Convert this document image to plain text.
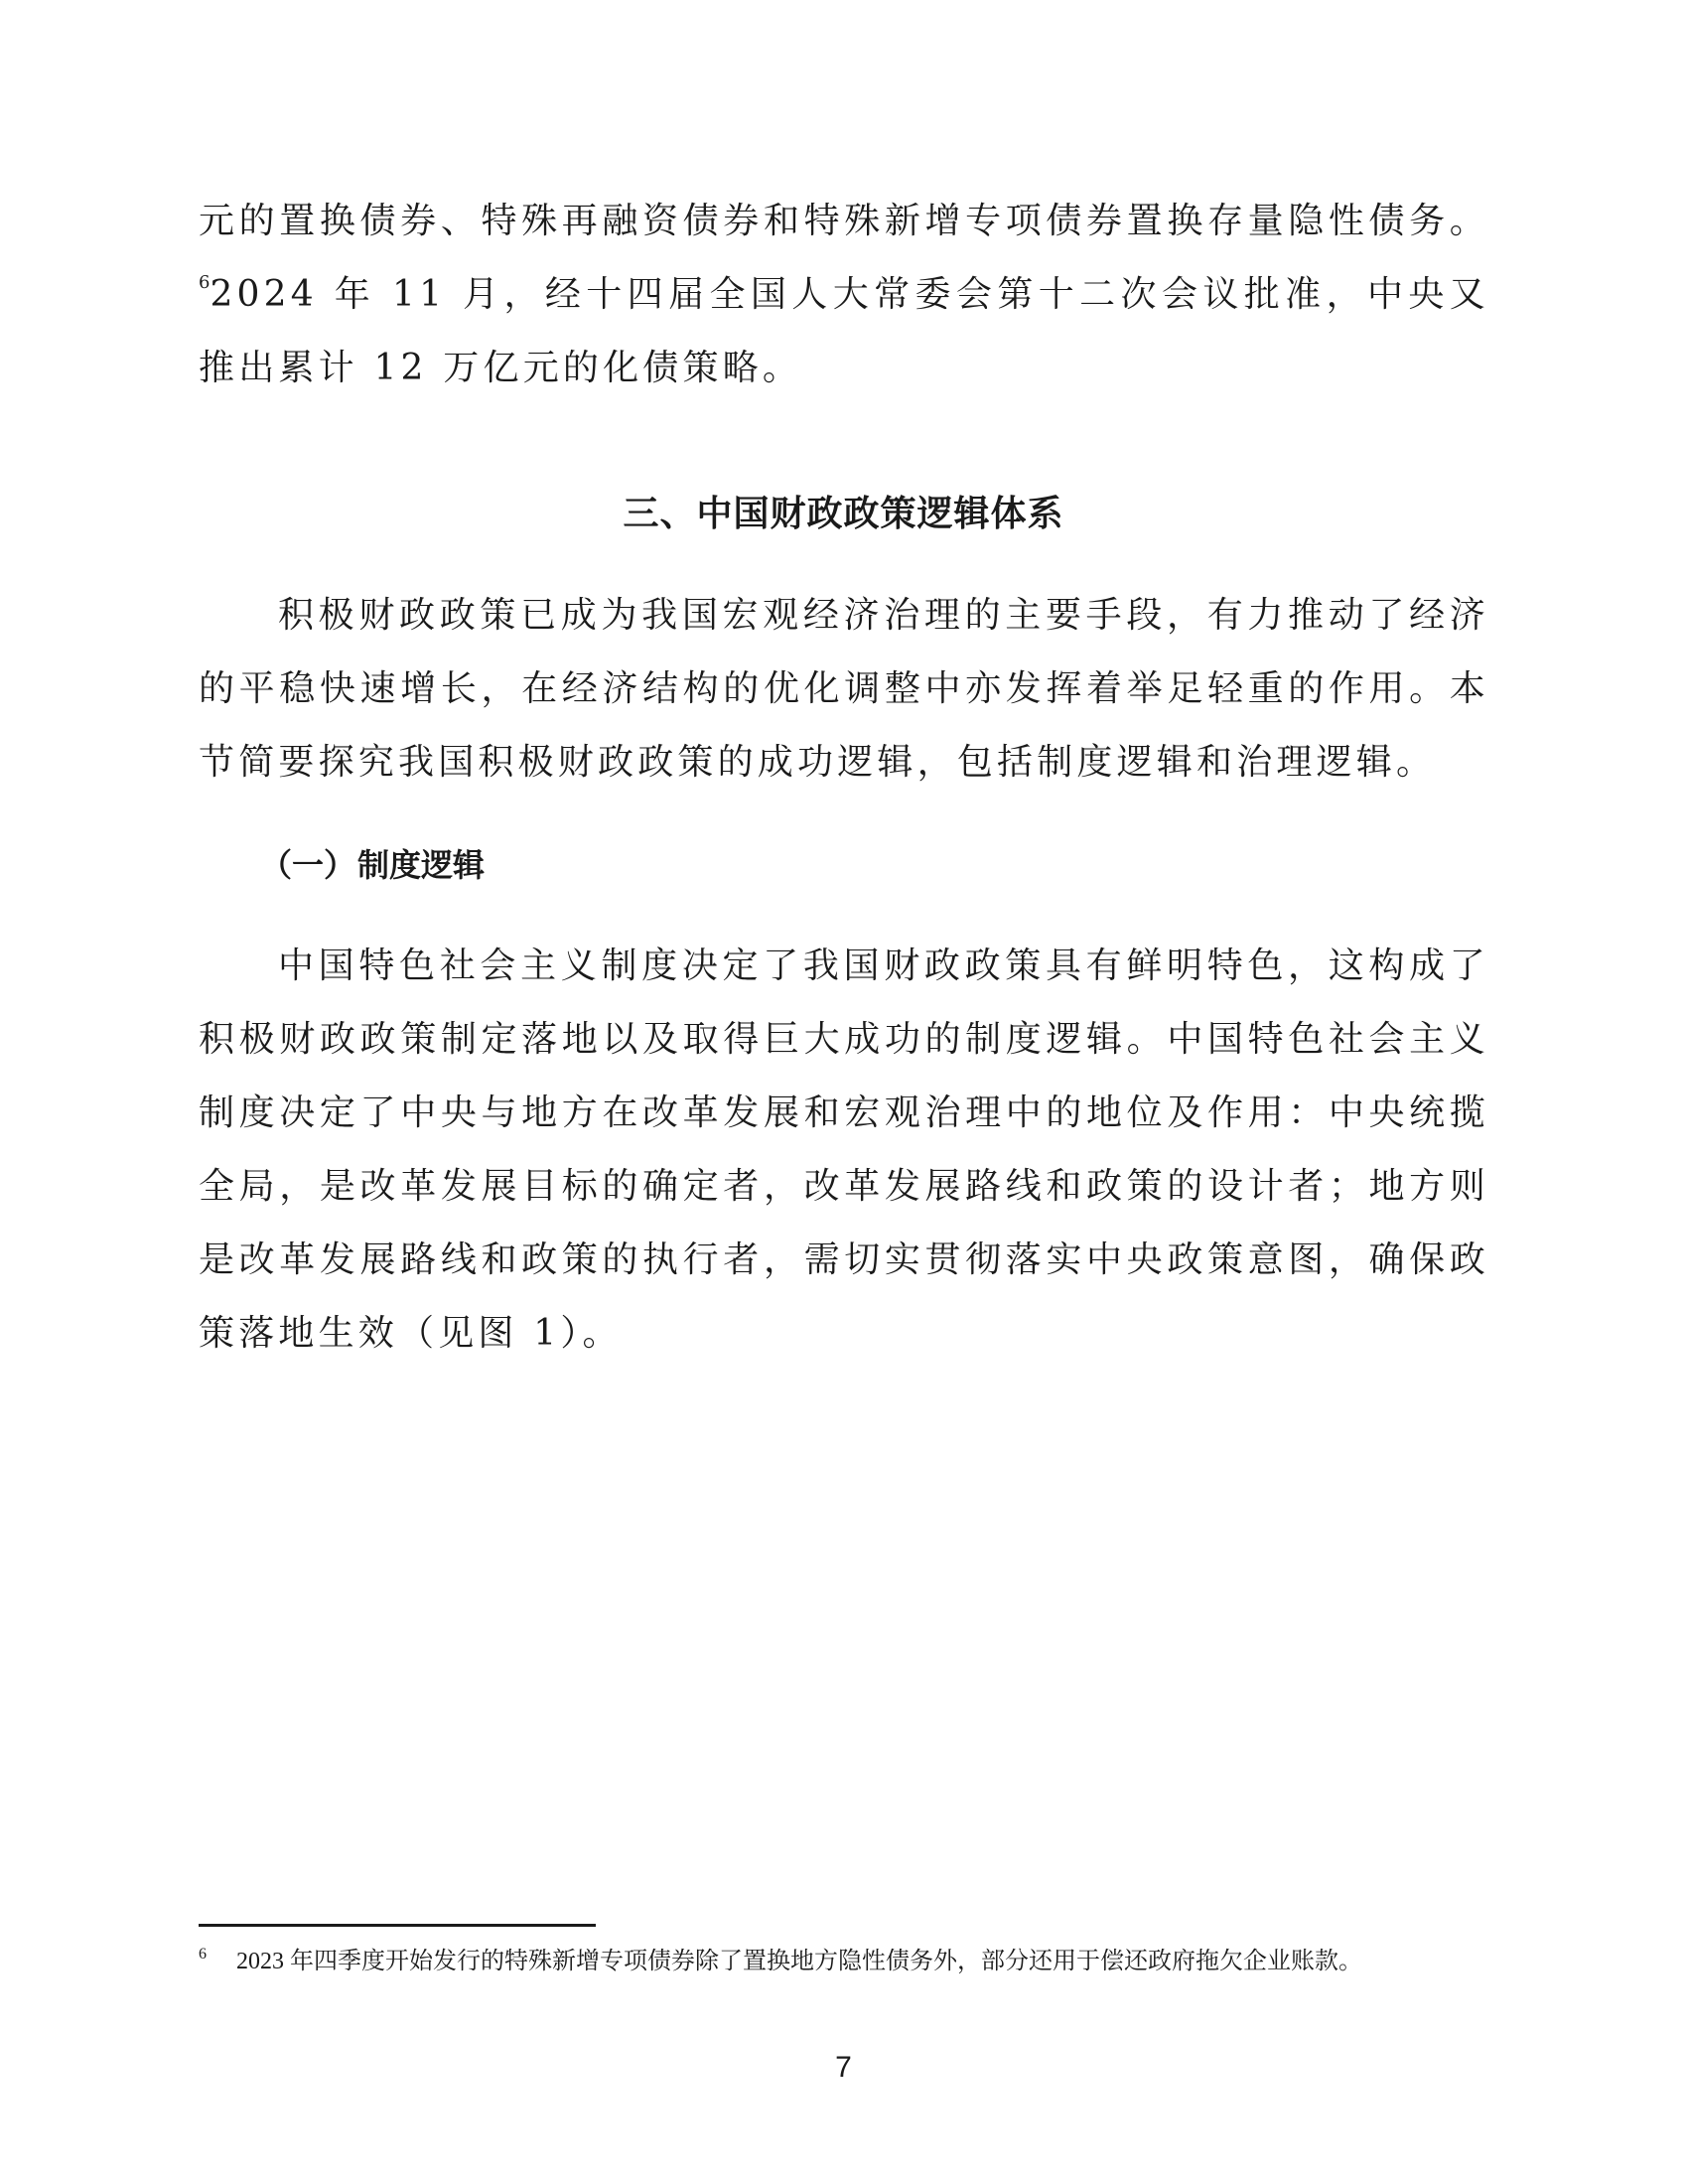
元的置换债券、特殊再融资债券和特殊新增专项债券置换存量隐性债务。$^6$2024 年 11 月，经十四届全国人大常委会第十二次会议批准，中央又推出累计 12 万亿元的化债策略。

三、中国财政政策逻辑体系

积极财政政策已成为我国宏观经济治理的主要手段，有力推动了经济的平稳快速增长，在经济结构的优化调整中亦发挥着举足轻重的作用。本节简要探究我国积极财政政策的成功逻辑，包括制度逻辑和治理逻辑。

（一）制度逻辑

中国特色社会主义制度决定了我国财政政策具有鲜明特色，这构成了积极财政政策制定落地以及取得巨大成功的制度逻辑。中国特色社会主义制度决定了中央与地方在改革发展和宏观治理中的地位及作用：中央统揽全局，是改革发展目标的确定者，改革发展路线和政策的设计者；地方则是改革发展路线和政策的执行者，需切实贯彻落实中央政策意图，确保政策落地生效（见图 1）。

6 2023 年四季度开始发行的特殊新增专项债券除了置换地方隐性债务外，部分还用于偿还政府拖欠企业账款。

7
